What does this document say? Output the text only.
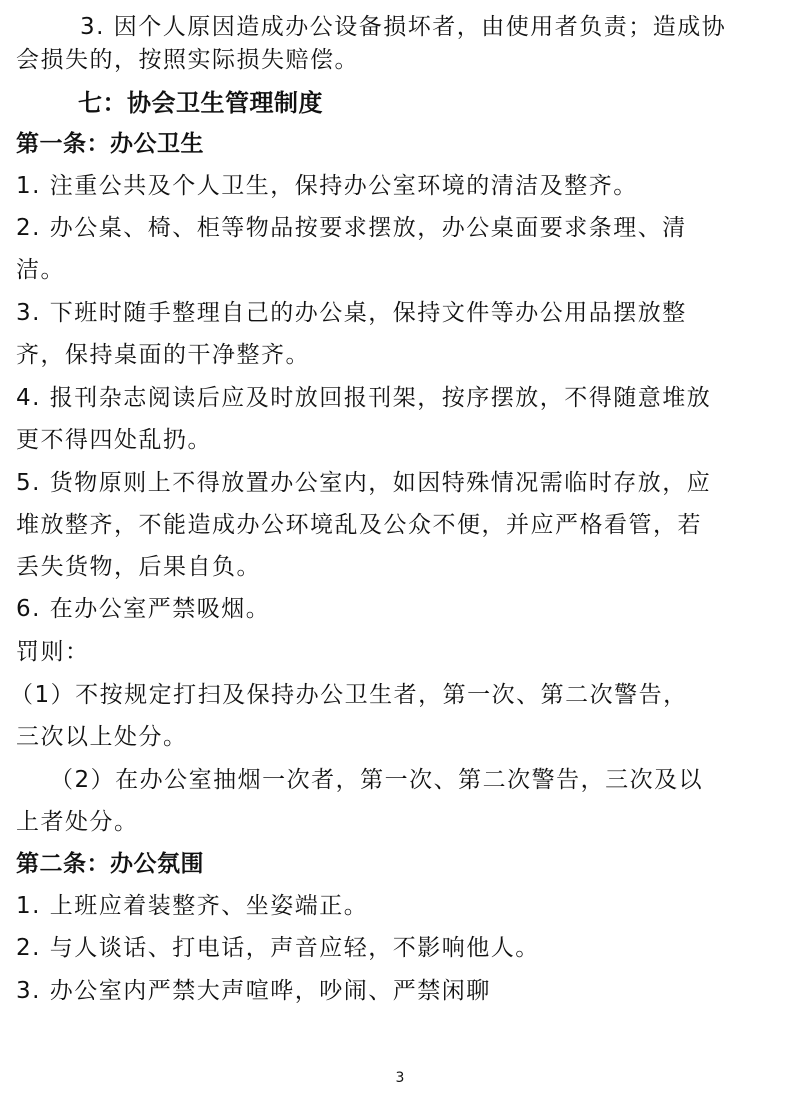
3. 因个人原因造成办公设备损坏者，由使用者负责；造成协
会损失的，按照实际损失赔偿。
七：协会卫生管理制度
第一条：办公卫生
1. 注重公共及个人卫生，保持办公室环境的清洁及整齐。
2. 办公桌、椅、柜等物品按要求摆放，办公桌面要求条理、清
洁。
3. 下班时随手整理自己的办公桌，保持文件等办公用品摆放整
齐，保持桌面的干净整齐。
4. 报刊杂志阅读后应及时放回报刊架，按序摆放，不得随意堆放
更不得四处乱扔。
5. 货物原则上不得放置办公室内，如因特殊情况需临时存放，应
堆放整齐，不能造成办公环境乱及公众不便，并应严格看管，若
丢失货物，后果自负。
6. 在办公室严禁吸烟。
罚则：
（1）不按规定打扫及保持办公卫生者，第一次、第二次警告，
三次以上处分。
（2）在办公室抽烟一次者，第一次、第二次警告，三次及以
上者处分。
第二条：办公氛围
1. 上班应着装整齐、坐姿端正。
2. 与人谈话、打电话，声音应轻，不影响他人。
3. 办公室内严禁大声喧哗，吵闹、严禁闲聊
3
